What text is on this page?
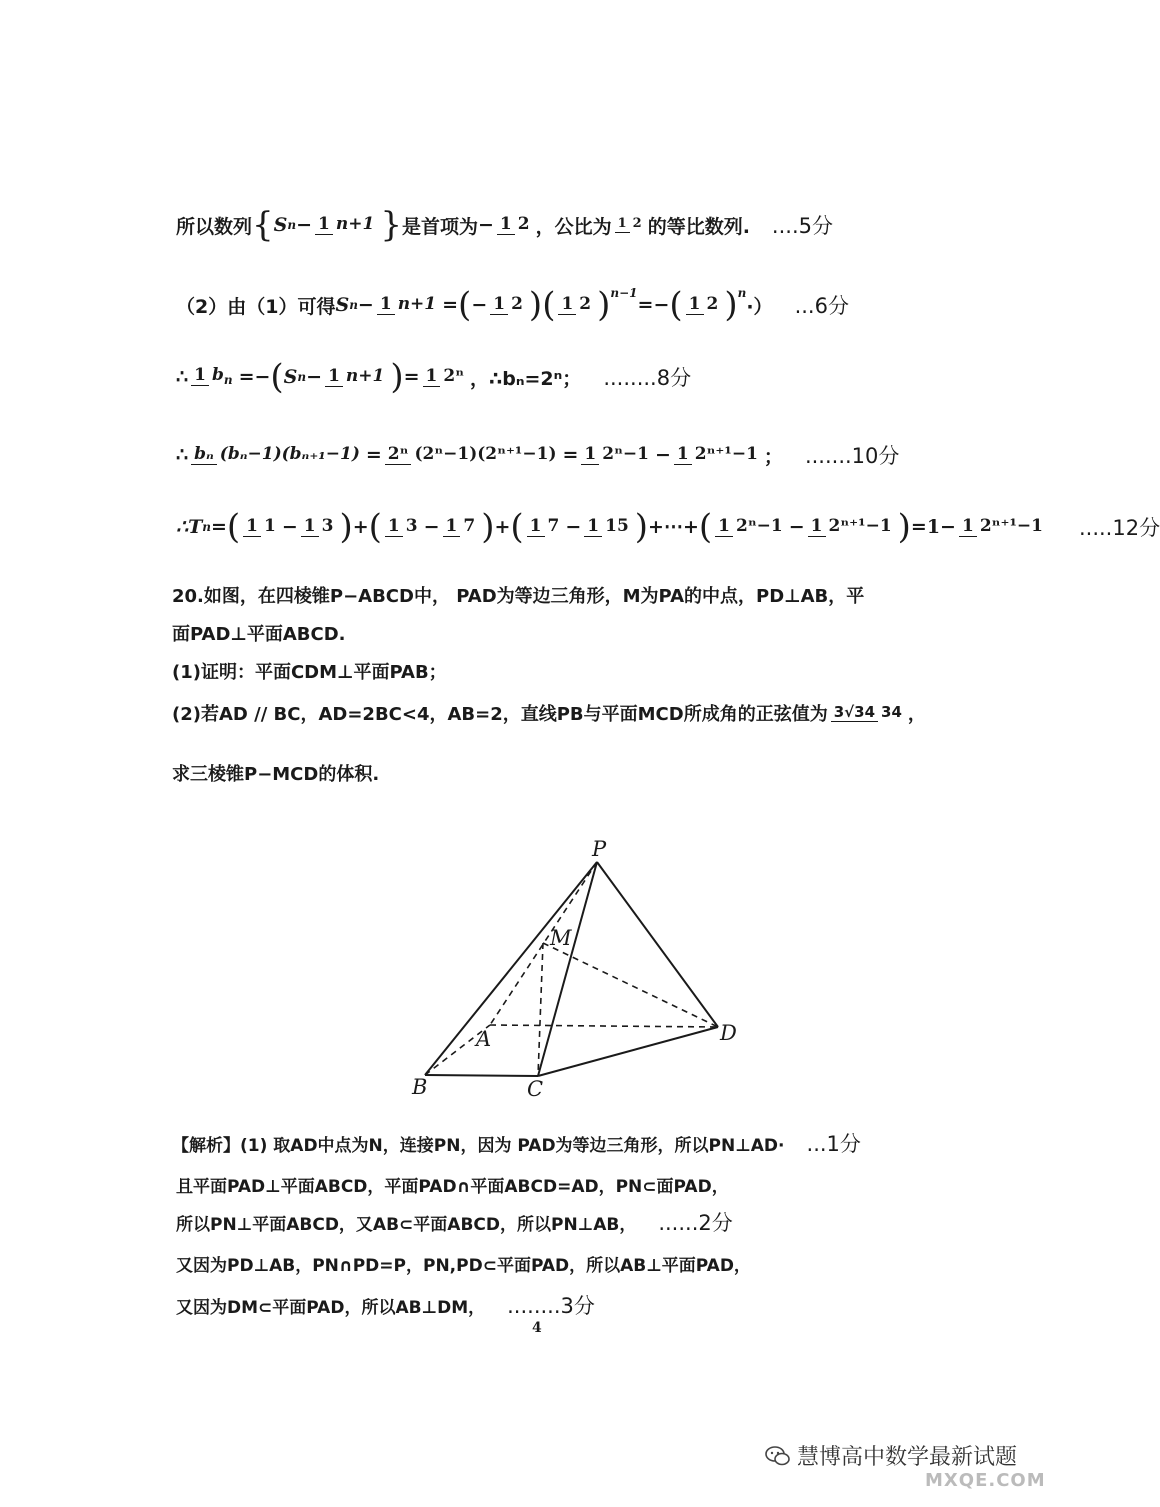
所以数列 { S n − 1 n+1 } 是首项为 − 1 2 ，公比为 1 2 的等比数列. ....5分
（2）由（1）可得 S n − 1 n+1 = ( − 1 2 ) ( 1 2 ) n−1
=− ( 1 2 ) n
·） ...6分
∴ 1 bn =− ( S n − 1 n+1 ) = 1 2ⁿ ，∴bₙ=2ⁿ； ........8分
∴ bₙ (bₙ−1)(bₙ₊₁−1) = 2ⁿ (2ⁿ−1)(2ⁿ⁺¹−1) = 1 2ⁿ−1 − 1 2ⁿ⁺¹−1 ； .......10分
∴T n = ( 1 1 − 1 3 ) + ( 1 3 − 1 7 ) + ( 1 7 − 1 15 ) +⋯+ ( 1 2ⁿ−1 − 1 2ⁿ⁺¹−1 ) =1− 1 2ⁿ⁺¹−1 .....12分
20.如图，在四棱锥P−ABCD中， PAD为等边三角形，M为PA的中点，PD⊥AB，平
面PAD⊥平面ABCD.
(1)证明：平面CDM⊥平面PAB；
(2)若AD // BC，AD=2BC<4，AB=2，直线PB与平面MCD所成角的正弦值为 3√34 34 ，
求三棱锥P−MCD的体积.
P
M
A	D
B	C
【解析】(1) 取AD中点为N，连接PN，因为 PAD为等边三角形，所以PN⊥AD· ...1分
且平面PAD⊥平面ABCD，平面PAD∩平面ABCD=AD，PN⊂面PAD，
所以PN⊥平面ABCD，又AB⊂平面ABCD，所以PN⊥AB， ......2分
又因为PD⊥AB，PN∩PD=P，PN,PD⊂平面PAD，所以AB⊥平面PAD，
又因为DM⊂平面PAD，所以AB⊥DM， ........3分
4
慧博高中数学最新试题
MXQE.COM
